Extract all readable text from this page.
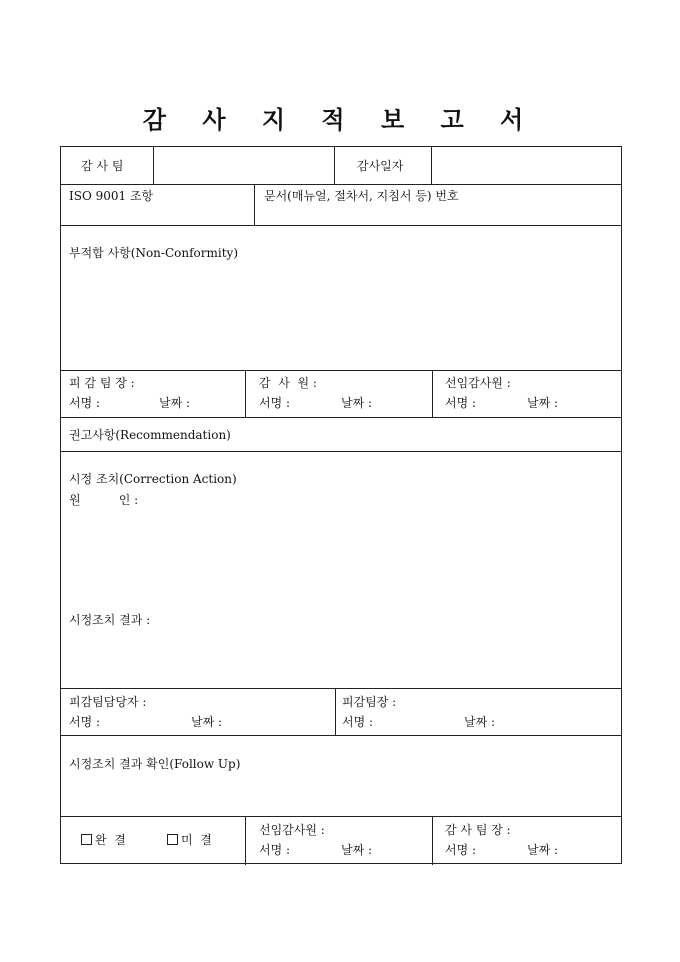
감 사 지 적 보 고 서
감 사 팀	감사일자
ISO 9001 조항	문서(매뉴얼, 절차서, 지침서 등) 번호
부적합 사항(Non-Conformity)
피 감 팀 장 :
서명 :	날짜 :
감  사  원 :
서명 :	날짜 :
선임감사원 :
서명 :	날짜 :
권고사항(Recommendation)
시정 조치(Correction Action)
원          인 :
시정조치 결과 :
피감팀담당자 :
서명 :	날짜 :
피감팀장 :
서명 :	날짜 :
시정조치 결과 확인(Follow Up)
완  결	미  결
선임감사원 :
서명 :	날짜 :
감 사 팀 장 :
서명 :	날짜 :
